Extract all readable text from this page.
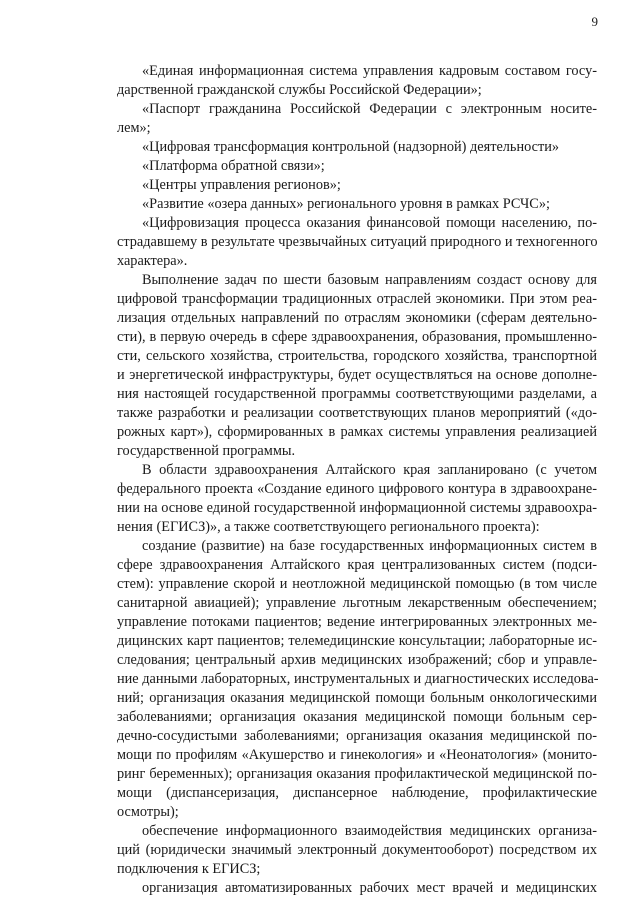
9
«Единая информационная система управления кадровым составом госу-
дарственной гражданской службы Российской Федерации»;
«Паспорт гражданина Российской Федерации с электронным носите-
лем»;
«Цифровая трансформация контрольной (надзорной) деятельности»
«Платформа обратной связи»;
«Центры управления регионов»;
«Развитие «озера данных» регионального уровня в рамках РСЧС»;
«Цифровизация процесса оказания финансовой помощи населению, по-
страдавшему в результате чрезвычайных ситуаций природного и техногенного
характера».
Выполнение задач по шести базовым направлениям создаст основу для
цифровой трансформации традиционных отраслей экономики. При этом реа-
лизация отдельных направлений по отраслям экономики (сферам деятельно-
сти), в первую очередь в сфере здравоохранения, образования, промышленно-
сти, сельского хозяйства, строительства, городского хозяйства, транспортной
и энергетической инфраструктуры, будет осуществляться на основе дополне-
ния настоящей государственной программы соответствующими разделами, а
также разработки и реализации соответствующих планов мероприятий («до-
рожных карт»), сформированных в рамках системы управления реализацией
государственной программы.
В области здравоохранения Алтайского края запланировано (с учетом
федерального проекта «Создание единого цифрового контура в здравоохране-
нии на основе единой государственной информационной системы здравоохра-
нения (ЕГИСЗ)», а также соответствующего регионального проекта):
создание (развитие) на базе государственных информационных систем в
сфере здравоохранения Алтайского края централизованных систем (подси-
стем): управление скорой и неотложной медицинской помощью (в том числе
санитарной авиацией); управление льготным лекарственным обеспечением;
управление потоками пациентов; ведение интегрированных электронных ме-
дицинских карт пациентов; телемедицинские консультации; лабораторные ис-
следования; центральный архив медицинских изображений; сбор и управле-
ние данными лабораторных, инструментальных и диагностических исследова-
ний; организация оказания медицинской помощи больным онкологическими
заболеваниями; организация оказания медицинской помощи больным сер-
дечно-сосудистыми заболеваниями; организация оказания медицинской по-
мощи по профилям «Акушерство и гинекология» и «Неонатология» (монито-
ринг беременных); организация оказания профилактической медицинской по-
мощи (диспансеризация, диспансерное наблюдение, профилактические
осмотры);
обеспечение информационного взаимодействия медицинских организа-
ций (юридически значимый электронный документооборот) посредством их
подключения к ЕГИСЗ;
организация автоматизированных рабочих мест врачей и медицинских
